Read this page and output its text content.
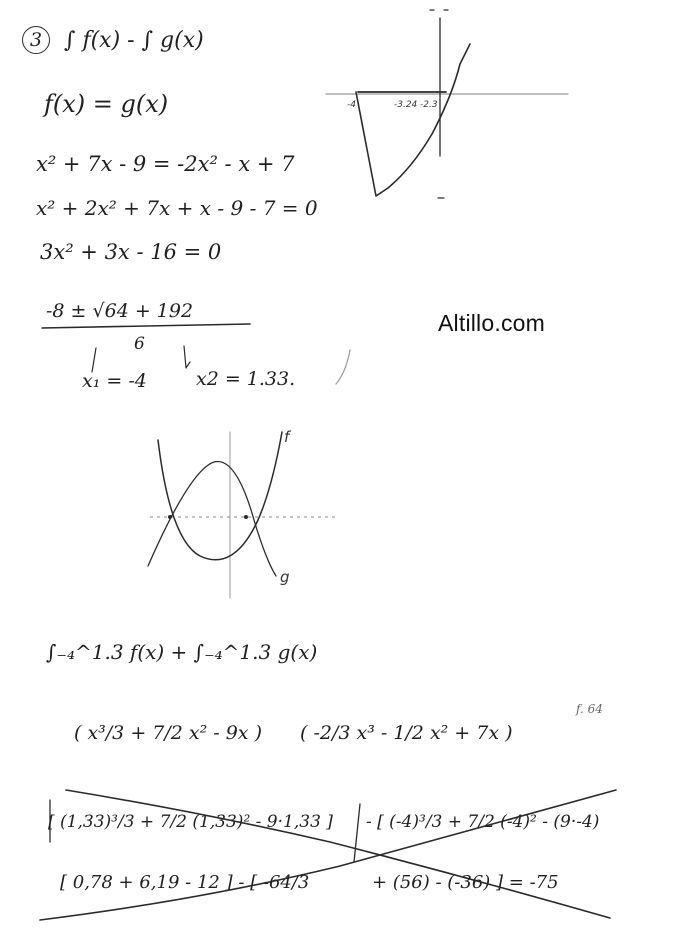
3 ∫ f(x) - ∫ g(x)
f(x) = g(x)
x² + 7x - 9 = -2x² - x + 7
x² + 2x² + 7x + x - 9 - 7 = 0
3x² + 3x - 16 = 0
-8 ± √64 + 192
6
x₁ = -4	x2 = 1.33.
Altillo.com
∫₋₄^1.3 f(x) + ∫₋₄^1.3 g(x)
( x³/3 + 7/2 x² - 9x ) ( -2/3 x³ - 1/2 x² + 7x )
f. 64
[ (1,33)³/3 + 7/2 (1,33)² - 9·1,33 ] - [ (-4)³/3 + 7/2 (-4)² - (9·-4)
[ 0,78 + 6,19 - 12 ] - [ -64/3	+ (56) - (-36) ] = -75
-4	-3.24 -2.3
f
g
